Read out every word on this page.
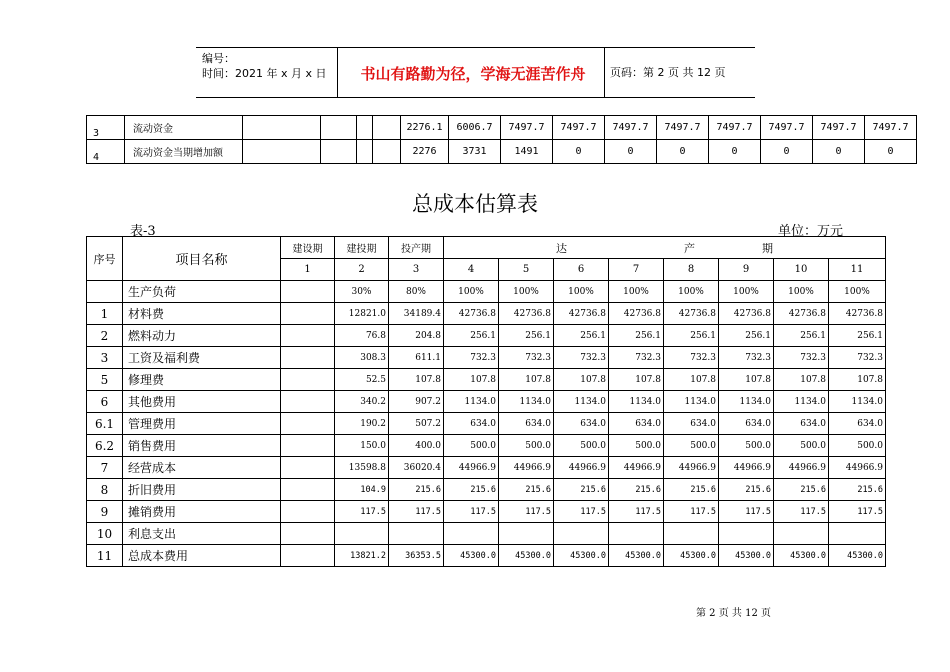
编号：
时间：2021 年 x 月 x 日	书山有路勤为径，学海无涯苦作舟	页码：第 2 页 共 12 页
3	流动资金					2276.1	6006.7	7497.7	7497.7	7497.7	7497.7	7497.7	7497.7	7497.7	7497.7
4	流动资金当期增加额					2276	3731	1491	0	0	0	0	0	0	0
总成本估算表
表-3	单位：万元
序号	项目名称	建设期	建投期	投产期	达 产 期							
		1	2	3	4	5	6	7	8	9	10	11
	生产负荷		30%	80%	100%	100%	100%	100%	100%	100%	100%	100%
1	材料费		12821.0	34189.4	42736.8	42736.8	42736.8	42736.8	42736.8	42736.8	42736.8	42736.8
2	燃料动力		76.8	204.8	256.1	256.1	256.1	256.1	256.1	256.1	256.1	256.1
3	工资及福利费		308.3	611.1	732.3	732.3	732.3	732.3	732.3	732.3	732.3	732.3
5	修理费		52.5	107.8	107.8	107.8	107.8	107.8	107.8	107.8	107.8	107.8
6	其他费用		340.2	907.2	1134.0	1134.0	1134.0	1134.0	1134.0	1134.0	1134.0	1134.0
6.1	管理费用		190.2	507.2	634.0	634.0	634.0	634.0	634.0	634.0	634.0	634.0
6.2	销售费用		150.0	400.0	500.0	500.0	500.0	500.0	500.0	500.0	500.0	500.0
7	经营成本		13598.8	36020.4	44966.9	44966.9	44966.9	44966.9	44966.9	44966.9	44966.9	44966.9
8	折旧费用		104.9	215.6	215.6	215.6	215.6	215.6	215.6	215.6	215.6	215.6
9	摊销费用		117.5	117.5	117.5	117.5	117.5	117.5	117.5	117.5	117.5	117.5
10	利息支出											
11	总成本费用		13821.2	36353.5	45300.0	45300.0	45300.0	45300.0	45300.0	45300.0	45300.0	45300.0
第 2 页 共 12 页
